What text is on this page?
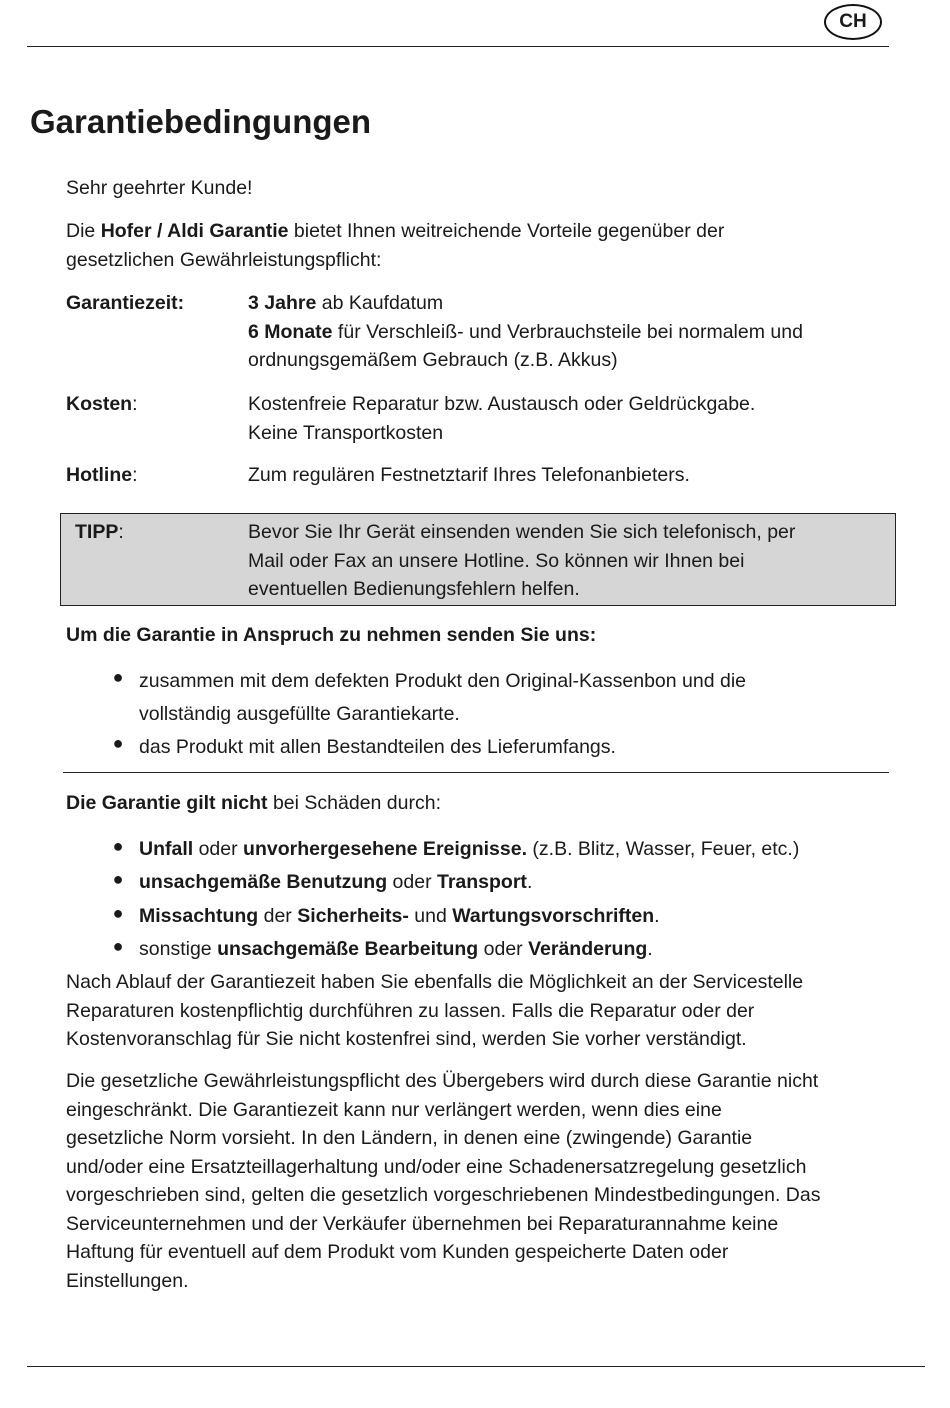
CH
Garantiebedingungen

Sehr geehrter Kunde!

Die Hofer / Aldi Garantie bietet Ihnen weitreichende Vorteile gegenüber der
gesetzlichen Gewährleistungspflicht:

Garantiezeit:	3 Jahre ab Kaufdatum
6 Monate für Verschleiß- und Verbrauchsteile bei normalem und
ordnungsgemäßem Gebrauch (z.B. Akkus)
Kosten:	Kostenfreie Reparatur bzw. Austausch oder Geldrückgabe.
Keine Transportkosten
Hotline:	Zum regulären Festnetztarif Ihres Telefonanbieters.
TIPP:	Bevor Sie Ihr Gerät einsenden wenden Sie sich telefonisch, per
Mail oder Fax an unsere Hotline. So können wir Ihnen bei
eventuellen Bedienungsfehlern helfen.

Um die Garantie in Anspruch zu nehmen senden Sie uns:

● zusammen mit dem defekten Produkt den Original-Kassenbon und die
vollständig ausgefüllte Garantiekarte.
● das Produkt mit allen Bestandteilen des Lieferumfangs.

Die Garantie gilt nicht bei Schäden durch:

● Unfall oder unvorhergesehene Ereignisse. (z.B. Blitz, Wasser, Feuer, etc.)
● unsachgemäße Benutzung oder Transport.
● Missachtung der Sicherheits- und Wartungsvorschriften.
● sonstige unsachgemäße Bearbeitung oder Veränderung.

Nach Ablauf der Garantiezeit haben Sie ebenfalls die Möglichkeit an der Servicestelle
Reparaturen kostenpflichtig durchführen zu lassen. Falls die Reparatur oder der
Kostenvoranschlag für Sie nicht kostenfrei sind, werden Sie vorher verständigt.

Die gesetzliche Gewährleistungspflicht des Übergebers wird durch diese Garantie nicht
eingeschränkt. Die Garantiezeit kann nur verlängert werden, wenn dies eine
gesetzliche Norm vorsieht. In den Ländern, in denen eine (zwingende) Garantie
und/oder eine Ersatzteillagerhaltung und/oder eine Schadenersatzregelung gesetzlich
vorgeschrieben sind, gelten die gesetzlich vorgeschriebenen Mindestbedingungen. Das
Serviceunternehmen und der Verkäufer übernehmen bei Reparaturannahme keine
Haftung für eventuell auf dem Produkt vom Kunden gespeicherte Daten oder
Einstellungen.
